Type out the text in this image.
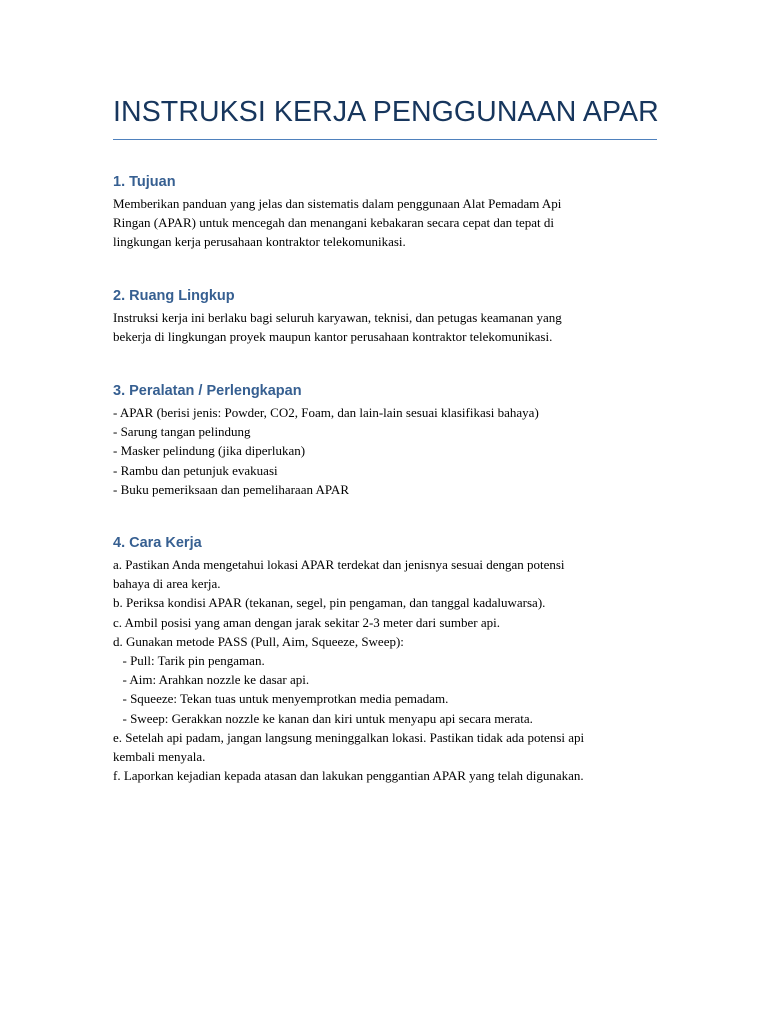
INSTRUKSI KERJA PENGGUNAAN APAR
1. Tujuan
Memberikan panduan yang jelas dan sistematis dalam penggunaan Alat Pemadam Api
Ringan (APAR) untuk mencegah dan menangani kebakaran secara cepat dan tepat di
lingkungan kerja perusahaan kontraktor telekomunikasi.
2. Ruang Lingkup
Instruksi kerja ini berlaku bagi seluruh karyawan, teknisi, dan petugas keamanan yang
bekerja di lingkungan proyek maupun kantor perusahaan kontraktor telekomunikasi.
3. Peralatan / Perlengkapan
- APAR (berisi jenis: Powder, CO2, Foam, dan lain-lain sesuai klasifikasi bahaya)
- Sarung tangan pelindung
- Masker pelindung (jika diperlukan)
- Rambu dan petunjuk evakuasi
- Buku pemeriksaan dan pemeliharaan APAR
4. Cara Kerja
a. Pastikan Anda mengetahui lokasi APAR terdekat dan jenisnya sesuai dengan potensi
bahaya di area kerja.
b. Periksa kondisi APAR (tekanan, segel, pin pengaman, dan tanggal kadaluwarsa).
c. Ambil posisi yang aman dengan jarak sekitar 2-3 meter dari sumber api.
d. Gunakan metode PASS (Pull, Aim, Squeeze, Sweep):
- Pull: Tarik pin pengaman.
- Aim: Arahkan nozzle ke dasar api.
- Squeeze: Tekan tuas untuk menyemprotkan media pemadam.
- Sweep: Gerakkan nozzle ke kanan dan kiri untuk menyapu api secara merata.
e. Setelah api padam, jangan langsung meninggalkan lokasi. Pastikan tidak ada potensi api
kembali menyala.
f. Laporkan kejadian kepada atasan dan lakukan penggantian APAR yang telah digunakan.
